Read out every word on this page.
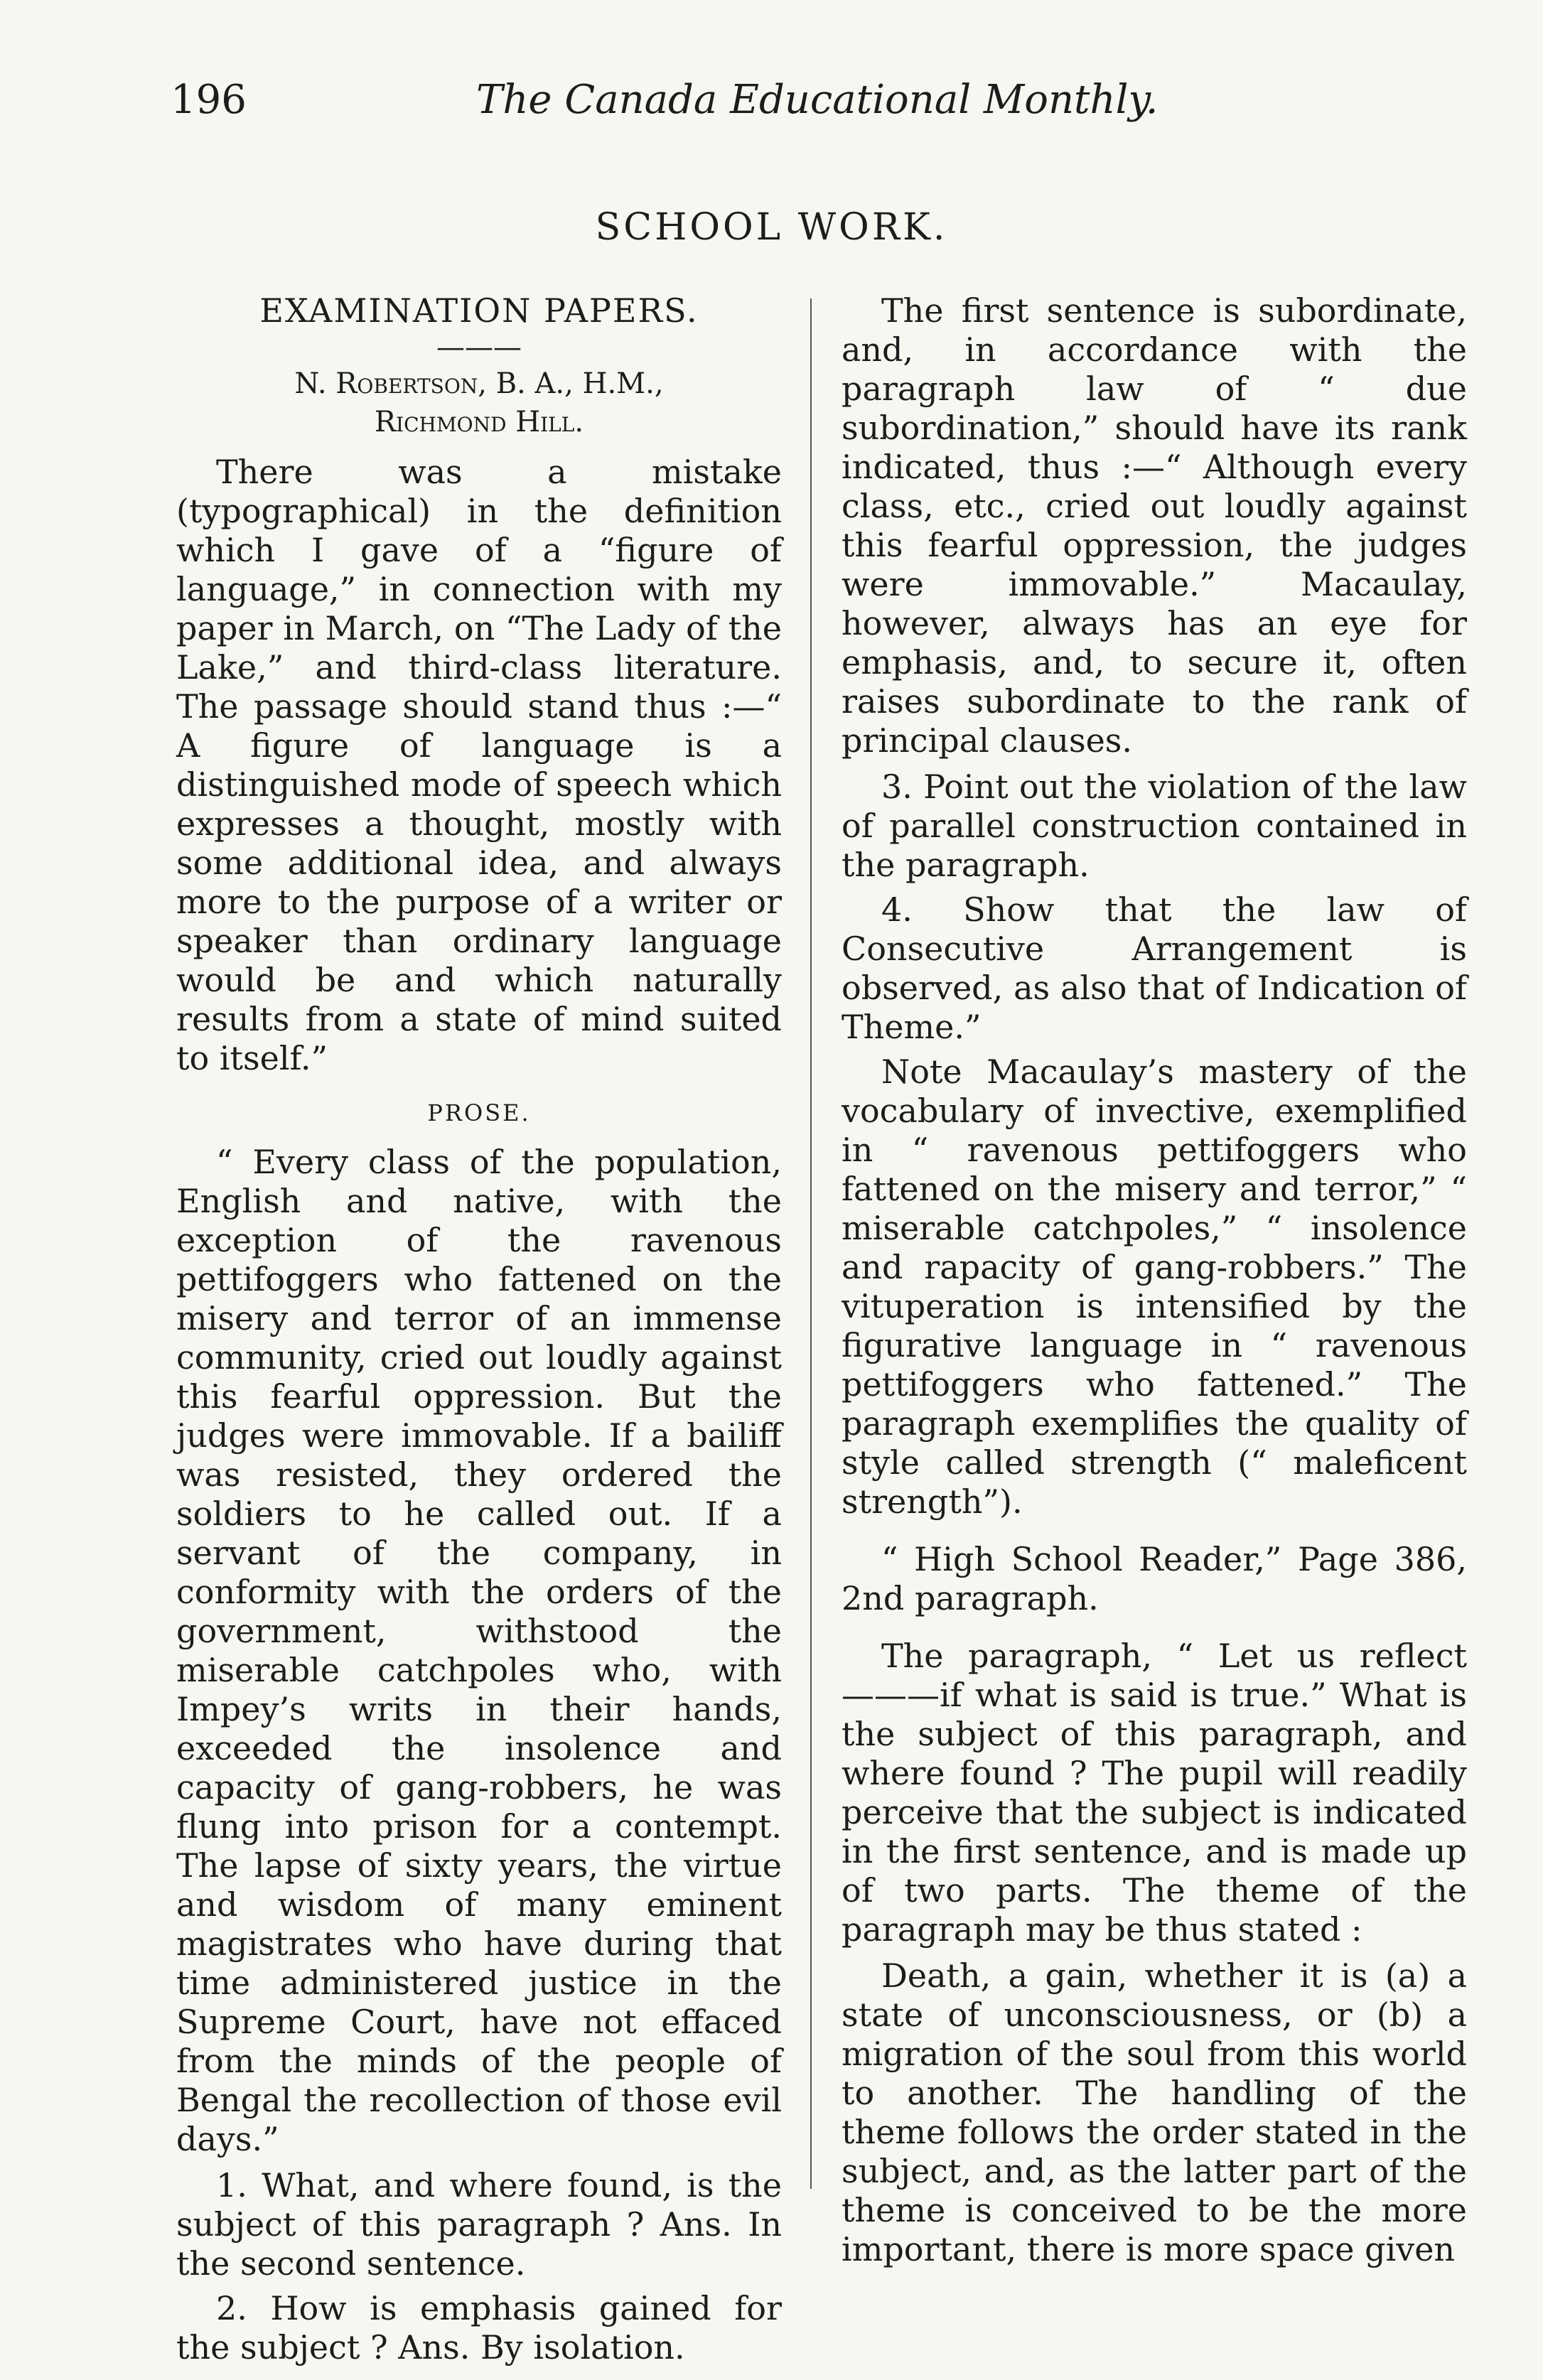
196	The Canada Educational Monthly.
SCHOOL WORK.
EXAMINATION PAPERS.
———
N. Robertson, B. A., H.M.,
Richmond Hill.

There was a mistake (typographical) in the definition which I gave of a “figure of language,” in connection with my paper in March, on “The Lady of the Lake,” and third-class literature. The passage should stand thus :—“ A figure of language is a distinguished mode of speech which expresses a thought, mostly with some additional idea, and always more to the purpose of a writer or speaker than ordinary language would be and which naturally results from a state of mind suited to itself.”

PROSE.

“ Every class of the population, English and native, with the exception of the ravenous pettifoggers who fattened on the misery and terror of an immense community, cried out loudly against this fearful oppression. But the judges were immovable. If a bailiff was resisted, they ordered the soldiers to he called out. If a servant of the company, in conformity with the orders of the government, withstood the miserable catchpoles who, with Impey’s writs in their hands, exceeded the insolence and capacity of gang-robbers, he was flung into prison for a contempt. The lapse of sixty years, the virtue and wisdom of many eminent magistrates who have during that time administered justice in the Supreme Court, have not effaced from the minds of the people of Bengal the recollection of those evil days.”

1. What, and where found, is the subject of this paragraph ? Ans. In the second sentence.

2. How is emphasis gained for the subject ? Ans. By isolation.

The first sentence is subordinate, and, in accordance with the paragraph law of “ due subordination,” should have its rank indicated, thus :—“ Although every class, etc., cried out loudly against this fearful oppression, the judges were immovable.” Macaulay, however, always has an eye for emphasis, and, to secure it, often raises subordinate to the rank of principal clauses.

3. Point out the violation of the law of parallel construction contained in the paragraph.

4. Show that the law of Consecutive Arrangement is observed, as also that of Indication of Theme.”

Note Macaulay’s mastery of the vocabulary of invective, exemplified in “ ravenous pettifoggers who fattened on the misery and terror,” “ miserable catchpoles,” “ insolence and rapacity of gang-robbers.” The vituperation is intensified by the figurative language in “ ravenous pettifoggers who fattened.” The paragraph exemplifies the quality of style called strength (“ maleficent strength”).

“ High School Reader,” Page 386, 2nd paragraph.

The paragraph, “ Let us reflect ———if what is said is true.” What is the subject of this paragraph, and where found ? The pupil will readily perceive that the subject is indicated in the first sentence, and is made up of two parts. The theme of the paragraph may be thus stated :

Death, a gain, whether it is (a) a state of unconsciousness, or (b) a migration of the soul from this world to another. The handling of the theme follows the order stated in the subject, and, as the latter part of the theme is conceived to be the more important, there is more space given
